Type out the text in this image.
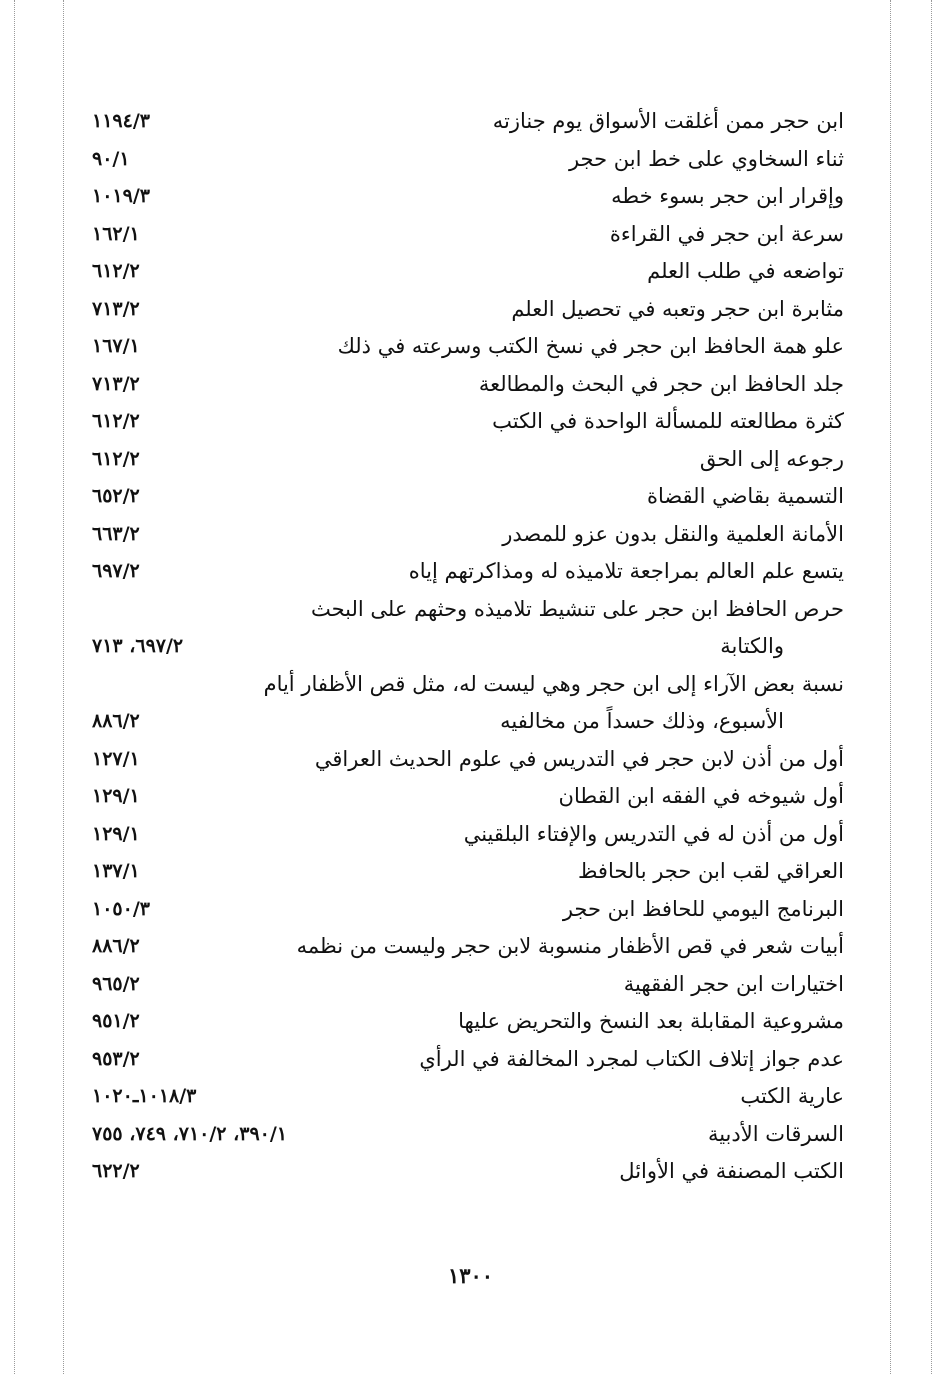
ابن حجر ممن أغلقت الأسواق يوم جنازته
١١٩٤/٣
ثناء السخاوي على خط ابن حجر
٩٠/١
وإقرار ابن حجر بسوء خطه
١٠١٩/٣
سرعة ابن حجر في القراءة
١٦٢/١
تواضعه في طلب العلم
٦١٢/٢
مثابرة ابن حجر وتعبه في تحصيل العلم
٧١٣/٢
علو همة الحافظ ابن حجر في نسخ الكتب وسرعته في ذلك
١٦٧/١
جلد الحافظ ابن حجر في البحث والمطالعة
٧١٣/٢
كثرة مطالعته للمسألة الواحدة في الكتب
٦١٢/٢
رجوعه إلى الحق
٦١٢/٢
التسمية بقاضي القضاة
٦٥٢/٢
الأمانة العلمية والنقل بدون عزو للمصدر
٦٦٣/٢
يتسع علم العالم بمراجعة تلاميذه له ومذاكرتهم إياه
٦٩٧/٢
حرص الحافظ ابن حجر على تنشيط تلاميذه وحثهم على البحث
والكتابة
٦٩٧/٢، ٧١٣
نسبة بعض الآراء إلى ابن حجر وهي ليست له، مثل قص الأظفار أيام
الأسبوع، وذلك حسداً من مخالفيه
٨٨٦/٢
أول من أذن لابن حجر في التدريس في علوم الحديث العراقي
١٢٧/١
أول شيوخه في الفقه ابن القطان
١٢٩/١
أول من أذن له في التدريس والإفتاء البلقيني
١٢٩/١
العراقي لقب ابن حجر بالحافظ
١٣٧/١
البرنامج اليومي للحافظ ابن حجر
١٠٥٠/٣
أبيات شعر في قص الأظفار منسوبة لابن حجر وليست من نظمه
٨٨٦/٢
اختيارات ابن حجر الفقهية
٩٦٥/٢
مشروعية المقابلة بعد النسخ والتحريض عليها
٩٥١/٢
عدم جواز إتلاف الكتاب لمجرد المخالفة في الرأي
٩٥٣/٢
عارية الكتب
١٠١٨/٣ـ١٠٢٠
السرقات الأدبية
٣٩٠/١، ٧١٠/٢، ٧٤٩، ٧٥٥
الكتب المصنفة في الأوائل
٦٢٢/٢
١٣٠٠
